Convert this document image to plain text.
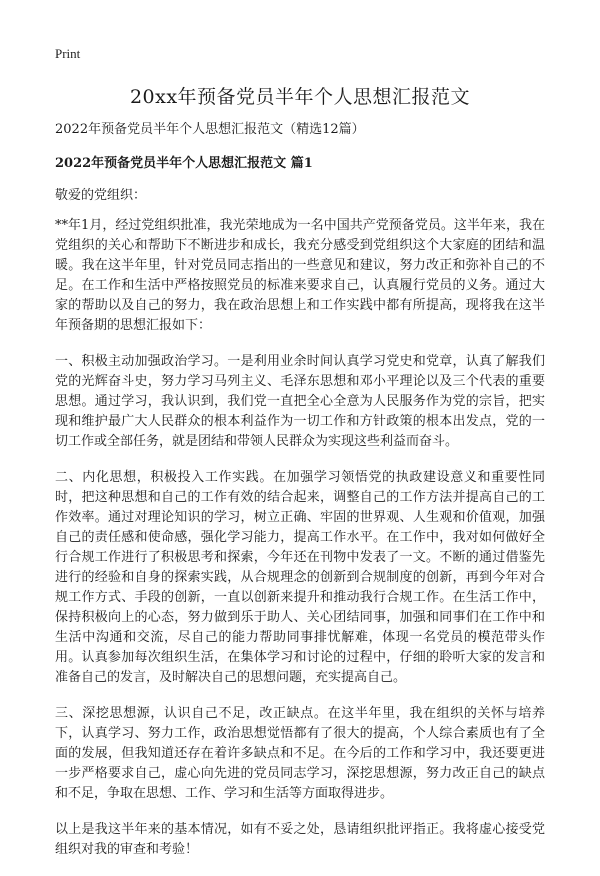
Print
20xx年预备党员半年个人思想汇报范文

2022年预备党员半年个人思想汇报范文（精选12篇）

2022年预备党员半年个人思想汇报范文 篇1

敬爱的党组织：

**年1月，经过党组织批准，我光荣地成为一名中国共产党预备党员。这半年来，我在党组织的关心和帮助下不断进步和成长，我充分感受到党组织这个大家庭的团结和温暖。我在这半年里，针对党员同志指出的一些意见和建议，努力改正和弥补自己的不足。在工作和生活中严格按照党员的标准来要求自己，认真履行党员的义务。通过大家的帮助以及自己的努力，我在政治思想上和工作实践中都有所提高，现将我在这半年预备期的思想汇报如下：

一、积极主动加强政治学习。一是利用业余时间认真学习党史和党章，认真了解我们党的光辉奋斗史，努力学习马列主义、毛泽东思想和邓小平理论以及三个代表的重要思想。通过学习，我认识到，我们党一直把全心全意为人民服务作为党的宗旨，把实现和维护最广大人民群众的根本利益作为一切工作和方针政策的根本出发点，党的一切工作或全部任务，就是团结和带领人民群众为实现这些利益而奋斗。

二、内化思想，积极投入工作实践。在加强学习领悟党的执政建设意义和重要性同时，把这种思想和自己的工作有效的结合起来，调整自己的工作方法并提高自己的工作效率。通过对理论知识的学习，树立正确、牢固的世界观、人生观和价值观，加强自己的责任感和使命感，强化学习能力，提高工作水平。在工作中，我对如何做好全行合规工作进行了积极思考和探索，今年还在刊物中发表了一文。不断的通过借鉴先进行的经验和自身的探索实践，从合规理念的创新到合规制度的创新，再到今年对合规工作方式、手段的创新，一直以创新来提升和推动我行合规工作。在生活工作中，保持积极向上的心态，努力做到乐于助人、关心团结同事，加强和同事们在工作中和生活中沟通和交流，尽自己的能力帮助同事排忧解难，体现一名党员的模范带头作用。认真参加每次组织生活，在集体学习和讨论的过程中，仔细的聆听大家的发言和准备自己的发言，及时解决自己的思想问题，充实提高自己。

三、深挖思想源，认识自己不足，改正缺点。在这半年里，我在组织的关怀与培养下，认真学习、努力工作，政治思想觉悟都有了很大的提高，个人综合素质也有了全面的发展，但我知道还存在着许多缺点和不足。在今后的工作和学习中，我还要更进一步严格要求自己，虚心向先进的党员同志学习，深挖思想源，努力改正自己的缺点和不足，争取在思想、工作、学习和生活等方面取得进步。

以上是我这半年来的基本情况，如有不妥之处，恳请组织批评指正。我将虚心接受党组织对我的审查和考验！
